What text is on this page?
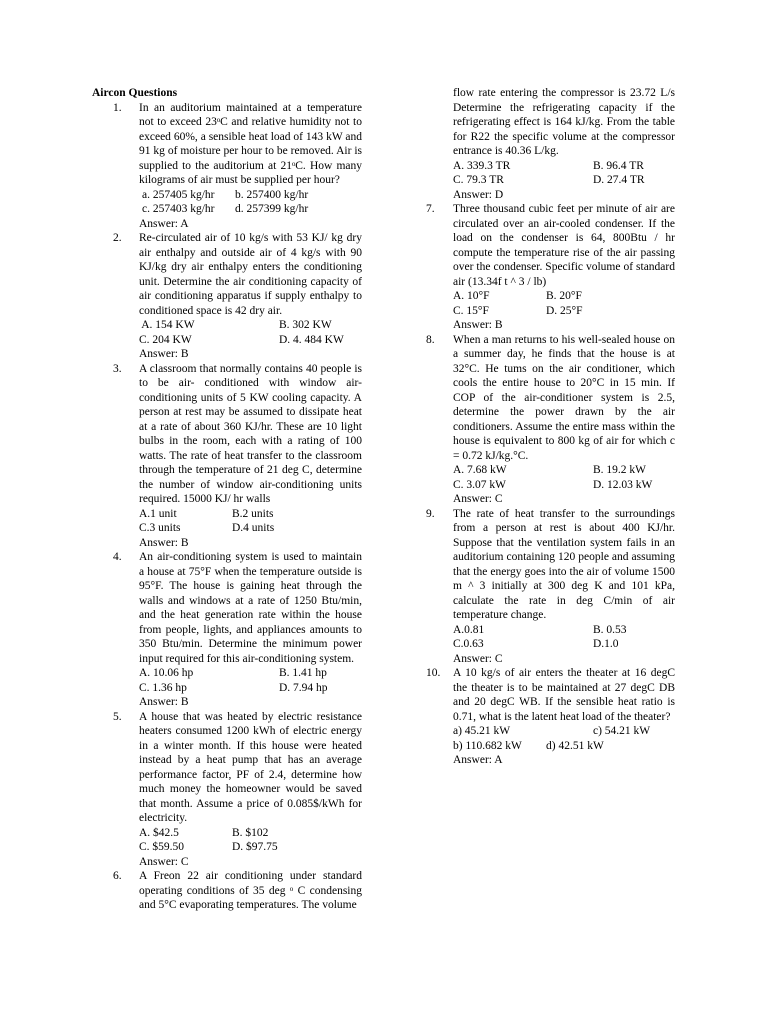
Aircon Questions
1. In an auditorium maintained at a temperature not to exceed 23ᵒC and relative humidity not to exceed 60%, a sensible heat load of 143 kW and 91 kg of moisture per hour to be removed. Air is supplied to the auditorium at 21ᵒC. How many kilograms of air must be supplied per hour?
a. 257405 kg/hr	b. 257400 kg/hr
c. 257403 kg/hr	d. 257399 kg/hr
Answer: A
2. Re-circulated air of 10 kg/s with 53 KJ/ kg dry air enthalpy and outside air of 4 kg/s with 90 KJ/kg dry air enthalpy enters the conditioning unit. Determine the air conditioning capacity of air conditioning apparatus if supply enthalpy to conditioned space is 42 dry air.
A. 154 KW	B. 302 KW
C. 204 KW	D. 4. 484 KW
Answer: B
3. A classroom that normally contains 40 people is to be air- conditioned with window air-conditioning units of 5 KW cooling capacity. A person at rest may be assumed to dissipate heat at a rate of about 360 KJ/hr. These are 10 light bulbs in the room, each with a rating of 100 watts. The rate of heat transfer to the classroom through the temperature of 21 deg C, determine the number of window air-conditioning units required. 15000 KJ/ hr walls
A.1 unit	B.2 units
C.3 units	D.4 units
Answer: B
4. An air-conditioning system is used to maintain a house at 75°F when the temperature outside is 95°F. The house is gaining heat through the walls and windows at a rate of 1250 Btu/min, and the heat generation rate within the house from people, lights, and appliances amounts to 350 Btu/min. Determine the minimum power input required for this air-conditioning system.
A. 10.06 hp	B. 1.41 hp
C. 1.36 hp	D. 7.94 hp
Answer: B
5. A house that was heated by electric resistance heaters consumed 1200 kWh of electric energy in a winter month. If this house were heated instead by a heat pump that has an average performance factor, PF of 2.4, determine how much money the homeowner would be saved that month. Assume a price of 0.085$/kWh for electricity.
A. $42.5	B. $102
C. $59.50	D. $97.75
Answer: C
6. A Freon 22 air conditioning under standard operating conditions of 35 deg ᵒ C condensing and 5°C evaporating temperatures. The volume
flow rate entering the compressor is 23.72 L/s Determine the refrigerating capacity if the refrigerating effect is 164 kJ/kg. From the table for R22 the specific volume at the compressor entrance is 40.36 L/kg.
A. 339.3 TR	B. 96.4 TR
C. 79.3 TR	D. 27.4 TR
Answer: D
7. Three thousand cubic feet per minute of air are circulated over an air-cooled condenser. If the load on the condenser is 64, 800Btu / hr compute the temperature rise of the air passing over the condenser. Specific volume of standard air (13.34f t ^ 3 / lb)
A. 10°F	B. 20°F
C. 15°F	D. 25°F
Answer: B
8. When a man returns to his well-sealed house on a summer day, he finds that the house is at 32°C. He tums on the air conditioner, which cools the entire house to 20°C in 15 min. If COP of the air-conditioner system is 2.5, determine the power drawn by the air conditioners. Assume the entire mass within the house is equivalent to 800 kg of air for which c = 0.72 kJ/kg.°C.
A. 7.68 kW	B. 19.2 kW
C. 3.07 kW	D. 12.03 kW
Answer: C
9. The rate of heat transfer to the surroundings from a person at rest is about 400 KJ/hr. Suppose that the ventilation system fails in an auditorium containing 120 people and assuming that the energy goes into the air of volume 1500 m ^ 3 initially at 300 deg K and 101 kPa, calculate the rate in deg C/min of air temperature change.
A.0.81	B. 0.53
C.0.63	D.1.0
Answer: C
10. A 10 kg/s of air enters the theater at 16 degC the theater is to be maintained at 27 degC DB and 20 degC WB. If the sensible heat ratio is 0.71, what is the latent heat load of the theater?
a) 45.21 kW	c) 54.21 kW
b) 110.682 kW	d) 42.51 kW
Answer: A
